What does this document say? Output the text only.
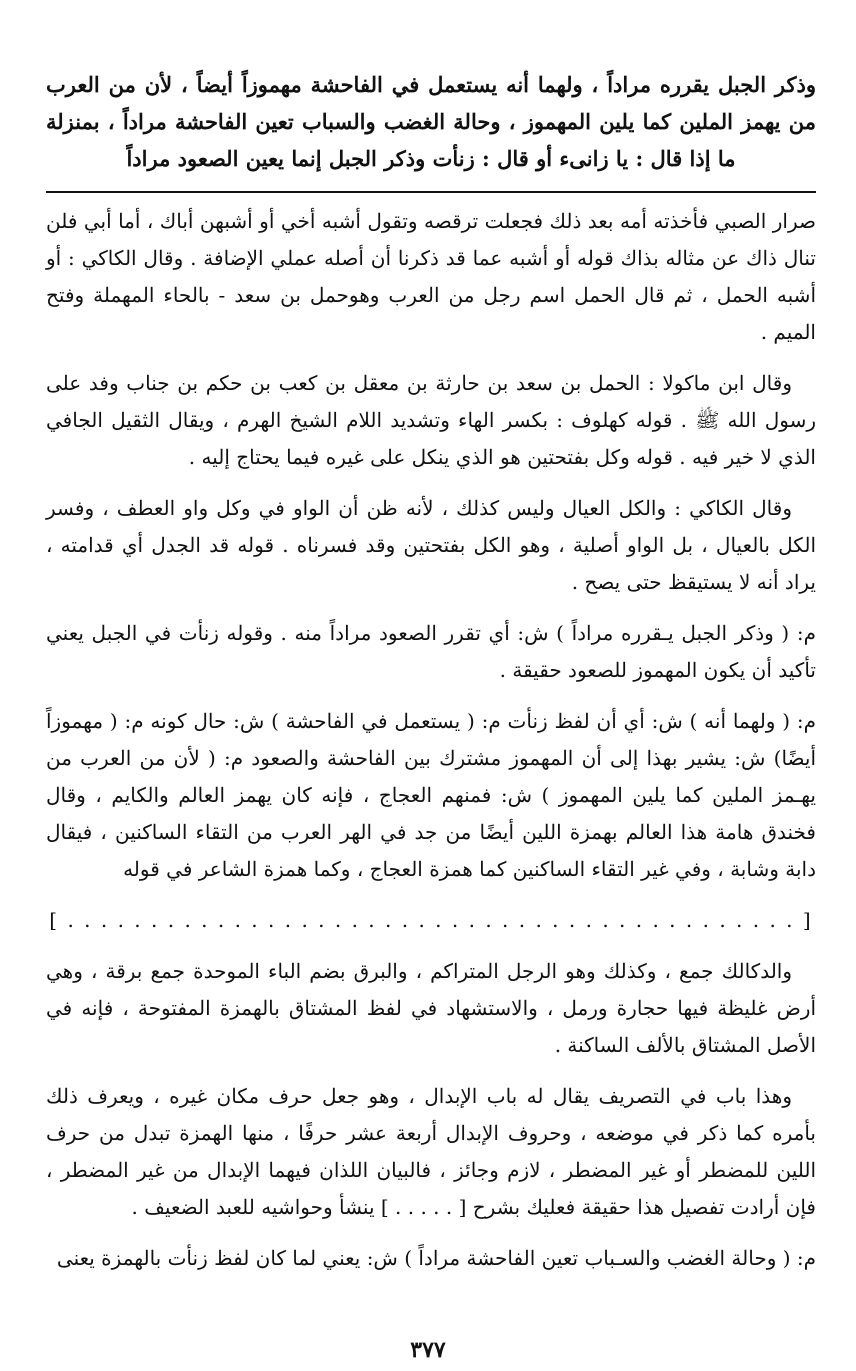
وذكر الجبل يقرره مراداً ، ولهما أنه يستعمل في الفاحشة مهموزاً أيضاً ، لأن من العرب من يهمز الملين كما يلين المهموز ، وحالة الغضب والسباب تعين الفاحشة مراداً ، بمنزلة ما إذا قال : يا زانىء أو قال : زنأت وذكر الجبل إنما يعين الصعود مراداً

صرار الصبي فأخذته أمه بعد ذلك فجعلت ترقصه وتقول أشبه أخي أو أشبهن أباك ، أما أبي فلن تنال ذاك عن مثاله بذاك قوله أو أشبه عما قد ذكرنا أن أصله عملي الإضافة . وقال الكاكي : أو أشبه الحمل ، ثم قال الحمل اسم رجل من العرب وهوحمل بن سعد - بالحاء المهملة وفتح الميم .

وقال ابن ماكولا : الحمل بن سعد بن حارثة بن معقل بن كعب بن حكم بن جناب وفد على رسول الله ﷺ . قوله كهلوف : بكسر الهاء وتشديد اللام الشيخ الهرم ، ويقال الثقيل الجافي الذي لا خير فيه . قوله وكل بفتحتين هو الذي ينكل على غيره فيما يحتاج إليه .

وقال الكاكي : والكل العيال وليس كذلك ، لأنه ظن أن الواو في وكل واو العطف ، وفسر الكل بالعيال ، بل الواو أصلية ، وهو الكل بفتحتين وقد فسرناه . قوله قد الجدل أي قدامته ، يراد أنه لا يستيقظ حتى يصح .

م: ( وذكر الجبل يـقرره مراداً ) ش: أي تقرر الصعود مراداً منه . وقوله زنأت في الجبل يعني تأكيد أن يكون المهموز للصعود حقيقة .

م: ( ولهما أنه ) ش: أي أن لفظ زنأت م: ( يستعمل في الفاحشة ) ش: حال كونه م: ( مهموزاً أيضًا) ش: يشير بهذا إلى أن المهموز مشترك بين الفاحشة والصعود م: ( لأن من العرب من يهـمز الملين كما يلين المهموز ) ش: فمنهم العجاج ، فإنه كان يهمز العالم والكايم ، وقال فخندق هامة هذا العالم بهمزة اللين أيضًا من جد في الهر العرب من التقاء الساكنين ، فيقال دابة وشابة ، وفي غير التقاء الساكنين كما همزة العجاج ، وكما همزة الشاعر في قوله

[ . . . . . . . . . . . . . . . . . . . . . . . . . . . . . . . . . . . . . . . . . . . . ]

والدكالك جمع ، وكذلك وهو الرجل المتراكم ، والبرق بضم الباء الموحدة جمع برقة ، وهي أرض غليظة فيها حجارة ورمل ، والاستشهاد في لفظ المشتاق بالهمزة المفتوحة ، فإنه في الأصل المشتاق بالألف الساكنة .

وهذا باب في التصريف يقال له باب الإبدال ، وهو جعل حرف مكان غيره ، ويعرف ذلك بأمره كما ذكر في موضعه ، وحروف الإبدال أربعة عشر حرفًا ، منها الهمزة تبدل من حرف اللين للمضطر أو غير المضطر ، لازم وجائز ، فالبيان اللذان فيهما الإبدال من غير المضطر ، فإن أرادت تفصيل هذا حقيقة فعليك بشرح [ . . . . . ] ينشأ وحواشيه للعبد الضعيف .

م: ( وحالة الغضب والسـباب تعين الفاحشة مراداً ) ش: يعني لما كان لفظ زنأت بالهمزة يعنى

٣٧٧
